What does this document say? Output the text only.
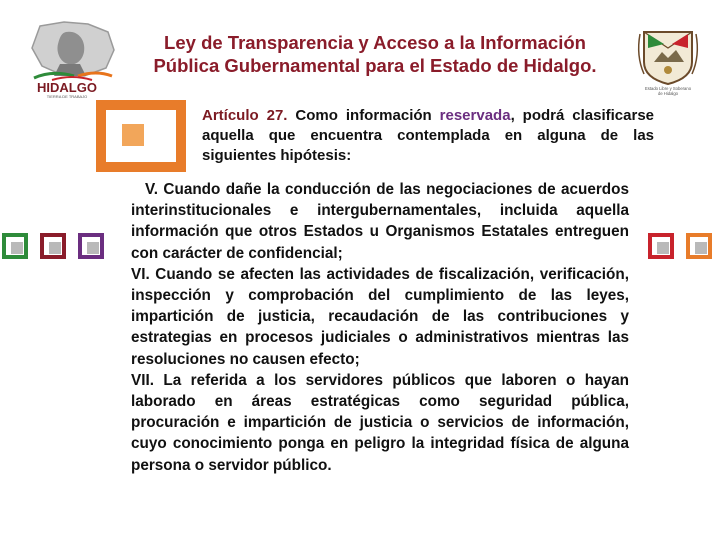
HIDALGO
TIERRA DE TRABAJO
Ley de Transparencia y Acceso a la Información
Pública Gubernamental para el Estado de Hidalgo.
Estado Libre y Soberano
de Hidalgo
Artículo 27. Como información reservada, podrá clasificarse aquella que encuentra contemplada en alguna de las siguientes hipótesis:

V. Cuando dañe la conducción de las negociaciones de acuerdos interinstitucionales e intergubernamentales, incluida aquella información que otros Estados u Organismos Estatales entreguen con carácter de confidencial;

VI. Cuando se afecten las actividades de fiscalización, verificación, inspección y comprobación del cumplimiento de las leyes, impartición de justicia, recaudación de las contribuciones y estrategias en procesos judiciales o administrativos mientras las resoluciones no causen efecto;

VII. La referida a los servidores públicos que laboren o hayan laborado en áreas estratégicas como seguridad pública, procuración e impartición de justicia o servicios de información, cuyo conocimiento ponga en peligro la integridad física de alguna persona o servidor público.
